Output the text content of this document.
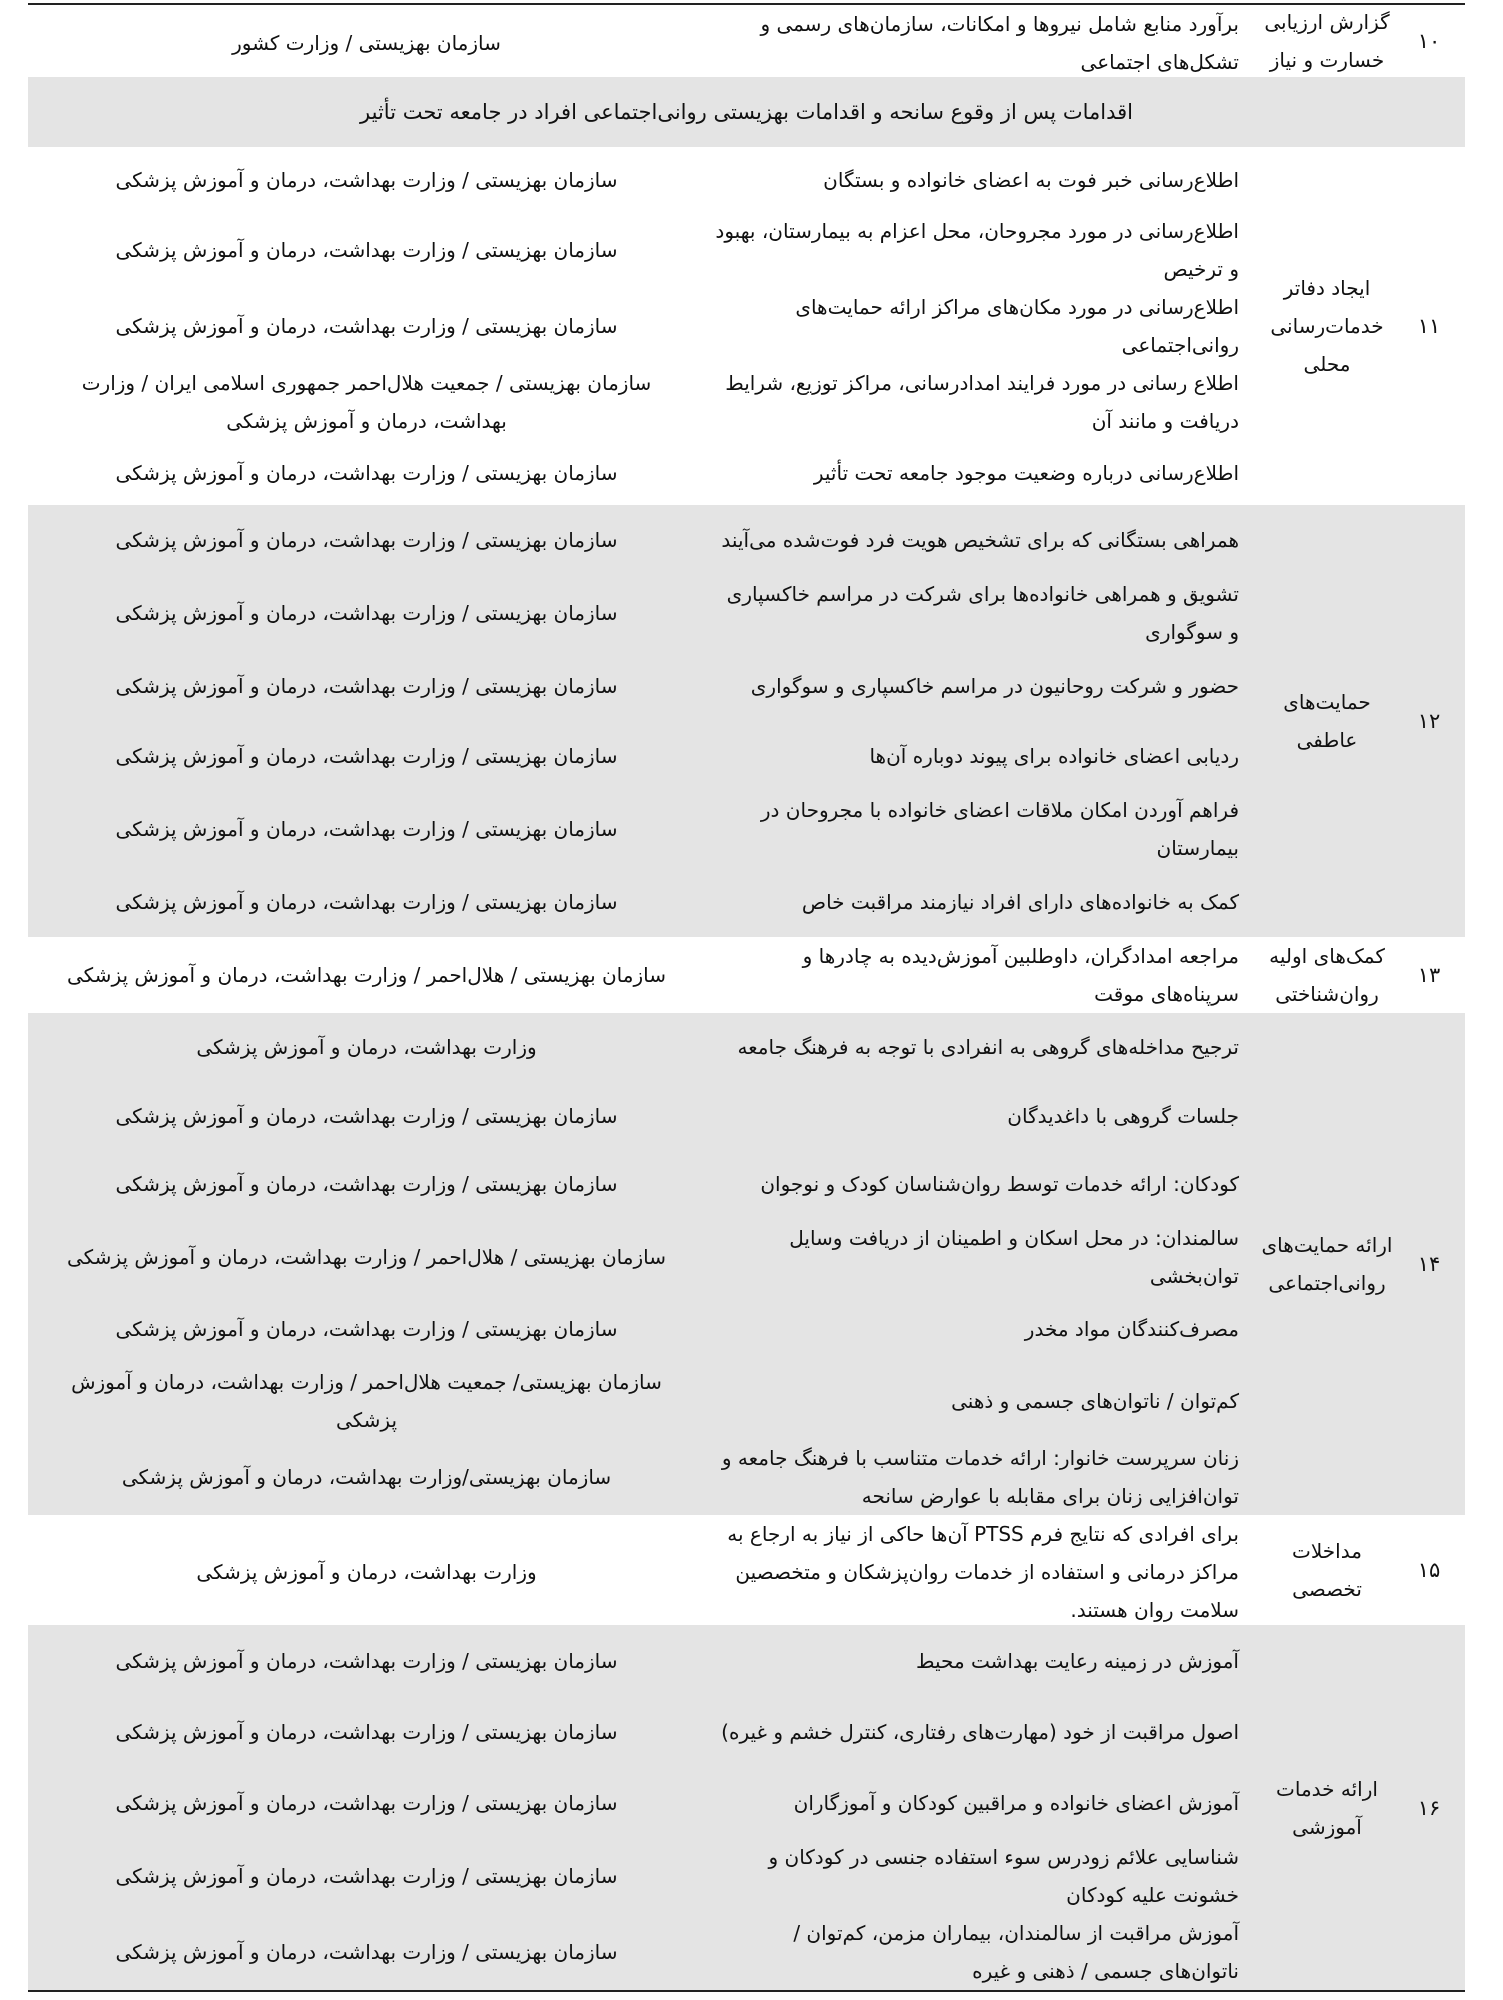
۱۰
گزارش ارزیابی خسارت و نیاز
برآورد منابع شامل نیروها و امکانات، سازمان‌های رسمی و تشکل‌های اجتماعی
سازمان بهزیستی / وزارت کشور
اقدامات پس از وقوع سانحه و اقدامات بهزیستی روانی‌اجتماعی افراد در جامعه تحت تأثیر
۱۱
ایجاد دفاتر خدمات‌رسانی محلی
اطلاع‌رسانی خبر فوت به اعضای خانواده و بستگان
سازمان بهزیستی / وزارت بهداشت، درمان و آموزش پزشکی
اطلاع‌رسانی در مورد مجروحان، محل اعزام به بیمارستان، بهبود و ترخیص
سازمان بهزیستی / وزارت بهداشت، درمان و آموزش پزشکی
اطلاع‌رسانی در مورد مکان‌های مراکز ارائه حمایت‌های روانی‌اجتماعی
سازمان بهزیستی / وزارت بهداشت، درمان و آموزش پزشکی
اطلاع رسانی در مورد فرایند امدادرسانی، مراکز توزیع، شرایط دریافت و مانند آن
سازمان بهزیستی / جمعیت هلال‌احمر جمهوری اسلامی ایران / وزارت بهداشت، درمان و آموزش پزشکی
اطلاع‌رسانی درباره وضعیت موجود جامعه تحت تأثیر
سازمان بهزیستی / وزارت بهداشت، درمان و آموزش پزشکی
۱۲
حمایت‌های عاطفی
همراهی بستگانی که برای تشخیص هویت فرد فوت‌شده می‌آیند
سازمان بهزیستی / وزارت بهداشت، درمان و آموزش پزشکی
تشویق و همراهی خانواده‌ها برای شرکت در مراسم خاکسپاری و سوگواری
سازمان بهزیستی / وزارت بهداشت، درمان و آموزش پزشکی
حضور و شرکت روحانیون در مراسم خاکسپاری و سوگواری
سازمان بهزیستی / وزارت بهداشت، درمان و آموزش پزشکی
ردیابی اعضای خانواده برای پیوند دوباره آن‌ها
سازمان بهزیستی / وزارت بهداشت، درمان و آموزش پزشکی
فراهم آوردن امکان ملاقات اعضای خانواده با مجروحان در بیمارستان
سازمان بهزیستی / وزارت بهداشت، درمان و آموزش پزشکی
کمک به خانواده‌های دارای افراد نیازمند مراقبت خاص
سازمان بهزیستی / وزارت بهداشت، درمان و آموزش پزشکی
۱۳
کمک‌های اولیه روان‌شناختی
مراجعه امدادگران، داوطلبین آموزش‌دیده به چادرها و سرپناه‌های موقت
سازمان بهزیستی / هلال‌احمر / وزارت بهداشت، درمان و آموزش پزشکی
۱۴
ارائه حمایت‌های روانی‌اجتماعی
ترجیح مداخله‌های گروهی به انفرادی با توجه به فرهنگ جامعه
وزارت بهداشت، درمان و آموزش پزشکی
جلسات گروهی با داغدیدگان
سازمان بهزیستی / وزارت بهداشت، درمان و آموزش پزشکی
کودکان: ارائه خدمات توسط روان‌شناسان کودک و نوجوان
سازمان بهزیستی / وزارت بهداشت، درمان و آموزش پزشکی
سالمندان: در محل اسکان و اطمینان از دریافت وسایل توان‌بخشی
سازمان بهزیستی / هلال‌احمر / وزارت بهداشت، درمان و آموزش پزشکی
مصرف‌کنندگان مواد مخدر
سازمان بهزیستی / وزارت بهداشت، درمان و آموزش پزشکی
کم‌توان / ناتوان‌های جسمی و ذهنی
سازمان بهزیستی/ جمعیت هلال‌احمر / وزارت بهداشت، درمان و آموزش پزشکی
زنان سرپرست خانوار: ارائه خدمات متناسب با فرهنگ جامعه و توان‌افزایی زنان برای مقابله با عوارض سانحه
سازمان بهزیستی/وزارت بهداشت، درمان و آموزش پزشکی
۱۵
مداخلات تخصصی
برای افرادی که نتایج فرم PTSS آن‌ها حاکی از نیاز به ارجاع به مراکز درمانی و استفاده از خدمات روان‌پزشکان و متخصصین سلامت روان هستند.
وزارت بهداشت، درمان و آموزش پزشکی
۱۶
ارائه خدمات آموزشی
آموزش در زمینه رعایت بهداشت محیط
سازمان بهزیستی / وزارت بهداشت، درمان و آموزش پزشکی
اصول مراقبت از خود (مهارت‌های رفتاری، کنترل خشم و غیره)
سازمان بهزیستی / وزارت بهداشت، درمان و آموزش پزشکی
آموزش اعضای خانواده و مراقبین کودکان و آموزگاران
سازمان بهزیستی / وزارت بهداشت، درمان و آموزش پزشکی
شناسایی علائم زودرس سوء استفاده جنسی در کودکان و خشونت علیه کودکان
سازمان بهزیستی / وزارت بهداشت، درمان و آموزش پزشکی
آموزش مراقبت از سالمندان، بیماران مزمن، کم‌توان / ناتوان‌های جسمی / ذهنی و غیره
سازمان بهزیستی / وزارت بهداشت، درمان و آموزش پزشکی
